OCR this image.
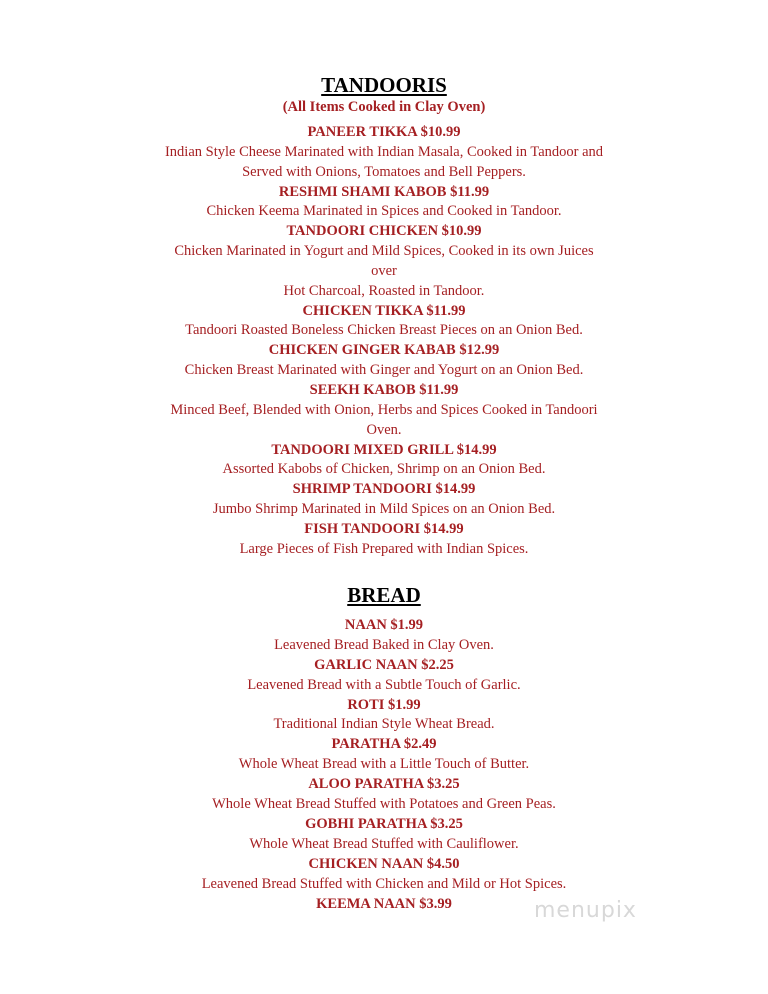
TANDOORIS
(All Items Cooked in Clay Oven)
PANEER TIKKA $10.99
Indian Style Cheese Marinated with Indian Masala, Cooked in Tandoor and
Served with Onions, Tomatoes and Bell Peppers.
RESHMI SHAMI KABOB $11.99
Chicken Keema Marinated in Spices and Cooked in Tandoor.
TANDOORI CHICKEN $10.99
Chicken Marinated in Yogurt and Mild Spices, Cooked in its own Juices
over
Hot Charcoal, Roasted in Tandoor.
CHICKEN TIKKA $11.99
Tandoori Roasted Boneless Chicken Breast Pieces on an Onion Bed.
CHICKEN GINGER KABAB $12.99
Chicken Breast Marinated with Ginger and Yogurt on an Onion Bed.
SEEKH KABOB $11.99
Minced Beef, Blended with Onion, Herbs and Spices Cooked in Tandoori
Oven.
TANDOORI MIXED GRILL $14.99
Assorted Kabobs of Chicken, Shrimp on an Onion Bed.
SHRIMP TANDOORI $14.99
Jumbo Shrimp Marinated in Mild Spices on an Onion Bed.
FISH TANDOORI $14.99
Large Pieces of Fish Prepared with Indian Spices.
BREAD
NAAN $1.99
Leavened Bread Baked in Clay Oven.
GARLIC NAAN $2.25
Leavened Bread with a Subtle Touch of Garlic.
ROTI $1.99
Traditional Indian Style Wheat Bread.
PARATHA $2.49
Whole Wheat Bread with a Little Touch of Butter.
ALOO PARATHA $3.25
Whole Wheat Bread Stuffed with Potatoes and Green Peas.
GOBHI PARATHA $3.25
Whole Wheat Bread Stuffed with Cauliflower.
CHICKEN NAAN $4.50
Leavened Bread Stuffed with Chicken and Mild or Hot Spices.
KEEMA NAAN $3.99	menupix
